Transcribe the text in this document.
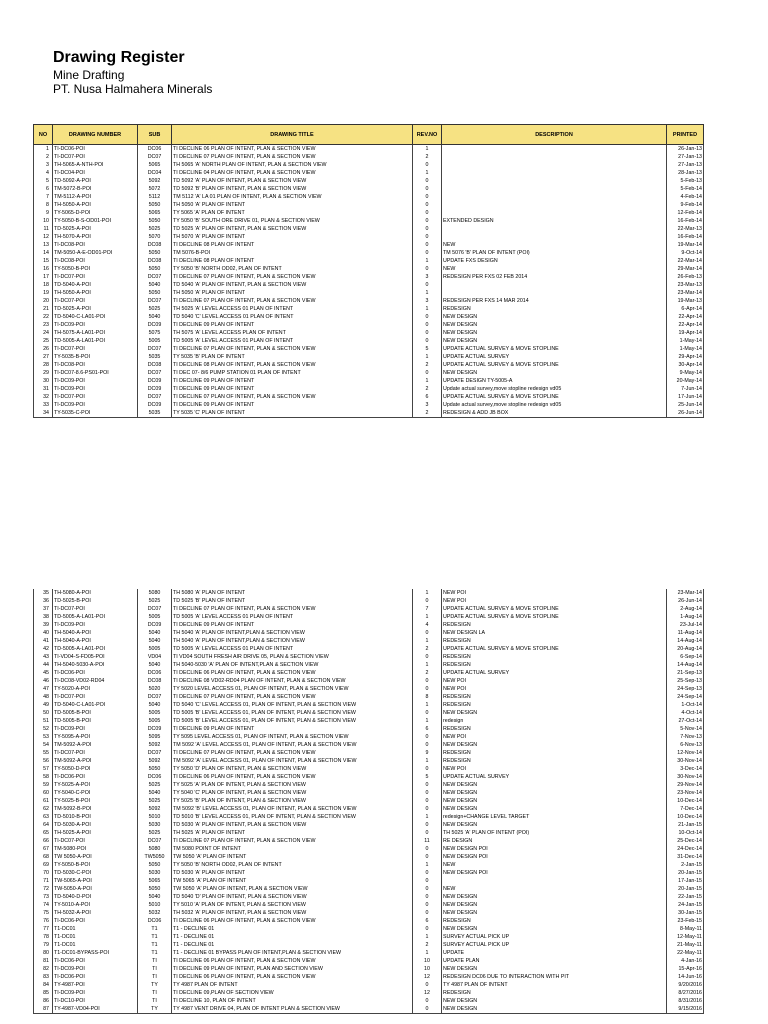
Drawing Register
Mine Drafting
PT. Nusa Halmahera Minerals
NO	DRAWING NUMBER	SUB	DRAWING TITLE	REV.NO	DESCRIPTION	PRINTED
1	TI-DC06-POI	DC06	TI DECLINE 06 PLAN OF INTENT, PLAN & SECTION VIEW	1		26-Jan-13
2	TI-DC07-POI	DC07	TI DECLINE 07 PLAN OF INTENT, PLAN & SECTION VIEW	2		27-Jan-13
3	TH-5065-A-NTH-POI	5065	TH 5065 'A' NORTH PLAN OF INTENT, PLAN & SECTION VIEW	0		27-Jan-13
4	TI-DC04-POI	DC04	TI DECLINE 04 PLAN OF INTENT, PLAN & SECTION VIEW	1		28-Jan-13
5	TD-5092-A-POI	5092	TD 5092 'A' PLAN OF INTENT, PLAN & SECTION VIEW	0		5-Feb-13
6	TM-5072-B-POI	5072	TD 5092 'B' PLAN OF INTENT, PLAN & SECTION VIEW	0		5-Feb-14
7	TM-5112-A-POI	5112	TM 5112 'A' LA 01 PLAN OF INTENT, PLAN & SECTION VIEW	0		4-Feb-14
8	TH-5050-A-POI	5050	TH 5050 'A' PLAN OF INTENT	0		9-Feb-14
9	TY-5065-D-POI	5065	TY 5065 'A' PLAN OF INTENT	0		12-Feb-14
10	TY-5050-B-S-OD01-POI	5050	TY 5050 'B' SOUTH ORE DRIVE 01, PLAN & SECTION VIEW	0	EXTENDED DESIGN	16-Feb-14
11	TD-5025-A-POI	5025	TD 5025 'A' PLAN OF INTENT, PLAN & SECTION VIEW	0		22-Mar-13
12	TH-5070-A-POI	5070	TH 5070 'A' PLAN OF INTENT	0		16-Feb-14
13	TI-DC08-POI	DC08	TI DECLINE 08 PLAN OF INTENT	0	NEW	19-Mar-14
14	TM-5050-A-E-OD01-POI	5050	TM 5076-B-POI	0	TM 5076 'B' PLAN OF INTENT (POI)	9-Oct-14
15	TI-DC08-POI	DC08	TI DECLINE 08 PLAN OF INTENT	1	UPDATE FXS DESIGN	22-Mar-14
16	TY-5050-B-POI	5050	TY 5050 'B' NORTH OD02, PLAN OF INTENT	0	NEW	29-Mar-14
17	TI-DC07-POI	DC07	TI DECLINE 07 PLAN OF INTENT, PLAN & SECTION VIEW	3	REDESIGN PER FXS 02 FEB 2014	26-Feb-13
18	TD-5040-A-POI	5040	TD 5040 'A' PLAN OF INTENT, PLAN & SECTION VIEW	0		23-Mar-13
19	TH-5050-A-POI	5050	TH 5050 'A' PLAN OF INTENT	1		23-Mar-14
20	TI-DC07-POI	DC07	TI DECLINE 07 PLAN OF INTENT, PLAN & SECTION VIEW	3	REDESIGN PER FXS 14 MAR 2014	19-Mar-13
21	TD-5025-A-POI	5025	TH 5025 'A' LEVEL ACCESS 01 PLAN OF INTENT	1	REDESIGN	6-Apr-14
22	TD-5040-C-LA01-POI	5040	TD 5040 'C' LEVEL ACCESS 01 PLAN OF INTENT	0	NEW DESIGN	22-Apr-14
23	TI-DC09-POI	DC09	TI DECLINE 09 PLAN OF INTENT	0	NEW DESIGN	22-Apr-14
24	TH-5075-A-LA01-POI	5075	TH 5075 'A' LEVEL ACCESS PLAN OF INTENT	0	NEW DESIGN	19-Apr-14
25	TD-5005-A-LA01-POI	5005	TD 5005 'A' LEVEL ACCESS 01 PLAN OF INTENT	0	NEW DESIGN	1-May-14
26	TI-DC07-POI	DC07	TI DECLINE 07 PLAN OF INTENT, PLAN & SECTION VIEW	5	UPDATE ACTUAL SURVEY & MOVE STOPLINE	1-May-14
27	TY-5035-B-POI	5035	TY 5035 'B' PLAN OF INTENT	1	UPDATE ACTUAL SURVEY	29-Apr-14
28	TI-DC08-POI	DC08	TI DECLINE 08 PLAN OF INTENT, PLAN & SECTION VIEW	2	UPDATE ACTUAL SURVEY & MOVE STOPLINE	30-Apr-14
29	TI-DC07-8.6-PS01-POI	DC07	TI DEC 07- 8/6 PUMP STATION 01 PLAN OF INTENT	0	NEW DESIGN	9-May-14
30	TI-DC09-POI	DC09	TI DECLINE 09 PLAN OF INTENT	1	UPDATE DESIGN TY-5005-A	20-May-14
31	TI-DC09-POI	DC09	TI DECLINE 09 PLAN OF INTENT	2	Update actual survey,move stopline redesign vd05	7-Jun-14
32	TI-DC07-POI	DC07	TI DECLINE 07 PLAN OF INTENT, PLAN & SECTION VIEW	6	UPDATE ACTUAL SURVEY & MOVE STOPLINE	17-Jun-14
33	TI-DC09-POI	DC09	TI DECLINE 09 PLAN OF INTENT	3	Update actual survey,move stopline redesign vd05	25-Jun-14
34	TY-5035-C-POI	5035	TY 5035 'C' PLAN OF INTENT	2	REDESIGN & ADD JB BOX	26-Jun-14
35	TH-5080-A-POI	5080	TH 5080 'A' PLAN OF INTENT	1	NEW POI	23-Mar-14
36	TD-5025-B-POI	5025	TD 5025 'B' PLAN OF INTENT	0	NEW POI	26-Jun-14
37	TI-DC07-POI	DC07	TI DECLINE 07 PLAN OF INTENT, PLAN & SECTION VIEW	7	UPDATE ACTUAL SURVEY & MOVE STOPLINE	2-Aug-14
38	TD-5005-A-LA01-POI	5005	TD 5005 'A' LEVEL ACCESS 01 PLAN OF INTENT	1	UPDATE ACTUAL SURVEY & MOVE STOPLINE	1-Aug-14
39	TI-DC09-POI	DC09	TI DECLINE 09 PLAN OF INTENT	4	REDESIGN	23-Jul-14
40	TH-5040-A-POI	5040	TH 5040 'A' PLAN OF INTENT,PLAN & SECTION VIEW	0	NEW DESIGN LA	11-Aug-14
41	TH-5040-A-POI	5040	TH 5040 'A' PLAN OF INTENT,PLAN & SECTION VIEW	1	REDESIGN	14-Aug-14
42	TD-5005-A-LA01-POI	5005	TD 5005 'A' LEVEL ACCESS 01 PLAN OF INTENT	2	UPDATE ACTUAL SURVEY & MOVE STOPLINE	20-Aug-14
43	TI-VD04-S-FD05-POI	VD04	TI VD04 SOUTH FRESH AIR DRIVE 05, PLAN & SECTION VIEW	0	REDESIGN	6-Sep-14
44	TH-5040-5030-A-POI	5040	TH 5040-5030 'A' PLAN OF INTENT,PLAN & SECTION VIEW	1	REDESIGN	14-Aug-14
45	TI-DC06-POI	DC06	TI DECLINE 06 PLAN OF INTENT, PLAN & SECTION VIEW	2	UPDATE ACTUAL SURVEY	21-Sep-13
46	TI-DC08-VD02-RD04	DC08	TI DECLINE 08 VD02-RD04 PLAN OF INTENT, PLAN & SECTION VIEW	0	NEW POI	25-Sep-13
47	TY-5020-A-POI	5020	TY 5020 LEVEL ACCESS 01, PLAN OF INTENT, PLAN & SECTION VIEW	0	NEW POI	24-Sep-13
48	TI-DC07-POI	DC07	TI DECLINE 07 PLAN OF INTENT, PLAN & SECTION VIEW	8	REDESIGN	24-Sep-14
49	TD-5040-C-LA01-POI	5040	TD 5040 'C' LEVEL ACCESS 01, PLAN OF INTENT, PLAN & SECTION VIEW	1	REDESIGN	1-Oct-14
50	TD-5005-B-POI	5005	TD 5005 'B' LEVEL ACCESS 01, PLAN OF INTENT, PLAN & SECTION VIEW	0	NEW DESIGN	4-Oct-14
51	TD-5005-B-POI	5005	TD 5005 'B' LEVEL ACCESS 01, PLAN OF INTENT, PLAN & SECTION VIEW	1	redesign	27-Oct-14
52	TI-DC09-POI	DC09	TI DECLINE 09 PLAN OF INTENT	6	REDESIGN	5-Nov-14
53	TY-5095-A-POI	5095	TY 5095 LEVEL ACCESS 01, PLAN OF INTENT, PLAN & SECTION VIEW	0	NEW POI	7-Nov-13
54	TM-5092-A-POI	5092	TM 5092 'A' LEVEL ACCESS 01, PLAN OF INTENT, PLAN & SECTION VIEW	0	NEW DESIGN	6-Nov-13
55	TI-DC07-POI	DC07	TI DECLINE 07 PLAN OF INTENT, PLAN & SECTION VIEW	9	REDESIGN	12-Nov-14
56	TM-5092-A-POI	5092	TM 5092 'A' LEVEL ACCESS 01, PLAN OF INTENT, PLAN & SECTION VIEW	1	REDESIGN	30-Nov-14
57	TY-5050-D-POI	5050	TY 5050 'D' PLAN OF INTENT, PLAN & SECTION VIEW	0	NEW POI	3-Dec-14
58	TI-DC06-POI	DC06	TI DECLINE 06 PLAN OF INTENT, PLAN & SECTION VIEW	5	UPDATE ACTUAL SURVEY	30-Nov-14
59	TY-5025-A-POI	5025	TY 5025 'A' PLAN OF INTENT, PLAN & SECTION VIEW	0	NEW DESIGN	29-Nov-14
60	TY-5040-C-POI	5040	TY 5040 'C' PLAN OF INTENT, PLAN & SECTION VIEW	0	NEW DESIGN	23-Nov-14
61	TY-5025-B-POI	5025	TY 5025 'B' PLAN OF INTENT, PLAN & SECTION VIEW	0	NEW DESIGN	10-Dec-14
62	TM-5092-B-POI	5092	TM 5092 'B' LEVEL ACCESS 01, PLAN OF INTENT, PLAN & SECTION VIEW	0	NEW DESIGN	7-Dec-14
63	TD-5010-B-POI	5010	TD 5010 'B' LEVEL ACCESS 01, PLAN OF INTENT, PLAN & SECTION VIEW	1	redesign+CHANGE LEVEL TARGET	10-Dec-14
64	TD-5030-A-POI	5030	TD 5030 'A' PLAN OF INTENT, PLAN & SECTION VIEW	0	NEW DESIGN	21-Jan-15
65	TH-5025-A-POI	5025	TH 5025 'A' PLAN OF INTENT	0	TH 5025 'A' PLAN OF INTENT (POI)	10-Oct-14
66	TI-DC07-POI	DC07	TI DECLINE 07 PLAN OF INTENT, PLAN & SECTION VIEW	11	RE DESIGN	25-Dec-14
67	TM-5080-POI	5080	TM 5080 POINT OF INTENT	0	NEW DESIGN POI	24-Dec-14
68	TW 5050-A-POI	TW5050	TW 5050 'A' PLAN OF INTENT	0	NEW DESIGN POI	31-Dec-14
69	TY-5050-B-POI	5050	TY 5050 'B' NORTH OD02, PLAN OF INTENT	1	NEW	2-Jan-15
70	TD-5030-C-POI	5030	TD 5030 'A' PLAN OF INTENT	0	NEW DESIGN POI	20-Jan-15
71	TW-5065-A-POI	5065	TW 5065 'A' PLAN OF INTENT	0		17-Jan-15
72	TW-5050-A-POI	5050	TW 5050 'A' PLAN OF INTENT, PLAN & SECTION VIEW	0	NEW	20-Jan-15
73	TD-5040-D-POI	5040	TD 5040 'D' PLAN OF INTENT, PLAN & SECTION VIEW	0	NEW DESIGN	22-Jan-15
74	TY-5010-A-POI	5010	TY 5010 'A' PLAN OF INTENT, PLAN & SECTION VIEW	0	NEW DESIGN	24-Jan-15
75	TH-5032-A-POI	5032	TH 5032 'A' PLAN OF INTENT, PLAN & SECTION VIEW	0	NEW DESIGN	30-Jan-15
76	TI-DC06-POI	DC06	TI DECLINE 06 PLAN OF INTENT, PLAN & SECTION VIEW	6	REDESIGN	23-Feb-15
77	T1-DC01	T1	T1 - DECLINE 01	0	NEW DESIGN	8-May-11
78	T1-DC01	T1	T1 - DECLINE 01	1	SURVEY ACTUAL PICK UP	12-May-11
79	T1-DC01	T1	T1 - DECLINE 01	2	SURVEY ACTUAL PICK UP	21-May-11
80	T1-DC01-BYPASS-POI	T1	T1 - DECLINE 01 BYPASS PLAN OF INTENT,PLAN & SECTION VIEW	1	UPDATE	22-May-11
81	TI-DC06-POI	TI	TI DECLINE 06 PLAN OF INTENT, PLAN & SECTION VIEW	10	UPDATE PLAN	4-Jan-16
82	TI-DC09-POI	TI	TI DECLINE 09 PLAN OF INTENT, PLAN AND SECTION VIEW	10	NEW DESIGN	15-Apr-16
83	TI-DC06-POI	TI	TI DECLINE 06 PLAN OF INTENT, PLAN & SECTION VIEW	12	REDESIGN DC06 DUE TO INTERACTION WITH PIT	14-Jun-16
84	TY-4987-POI	TY	TY 4987 PLAN OF INTENT	0	TY 4987 PLAN OF INTENT	9/20/2016
85	TI-DC09-POI	TI	TI DECLINE 09,PLAN OF SECTION VIEW	12	REDESIGN	8/27/2016
86	TI-DC10-POI	TI	TI DECLINE 10, PLAN OF INTENT	0	NEW DESIGN	8/31/2016
87	TY-4987-VD04-POI	TY	TY 4987 VENT DRIVE 04, PLAN OF INTENT PLAN & SECTION VIEW	0	NEW DESIGN	9/15/2016
